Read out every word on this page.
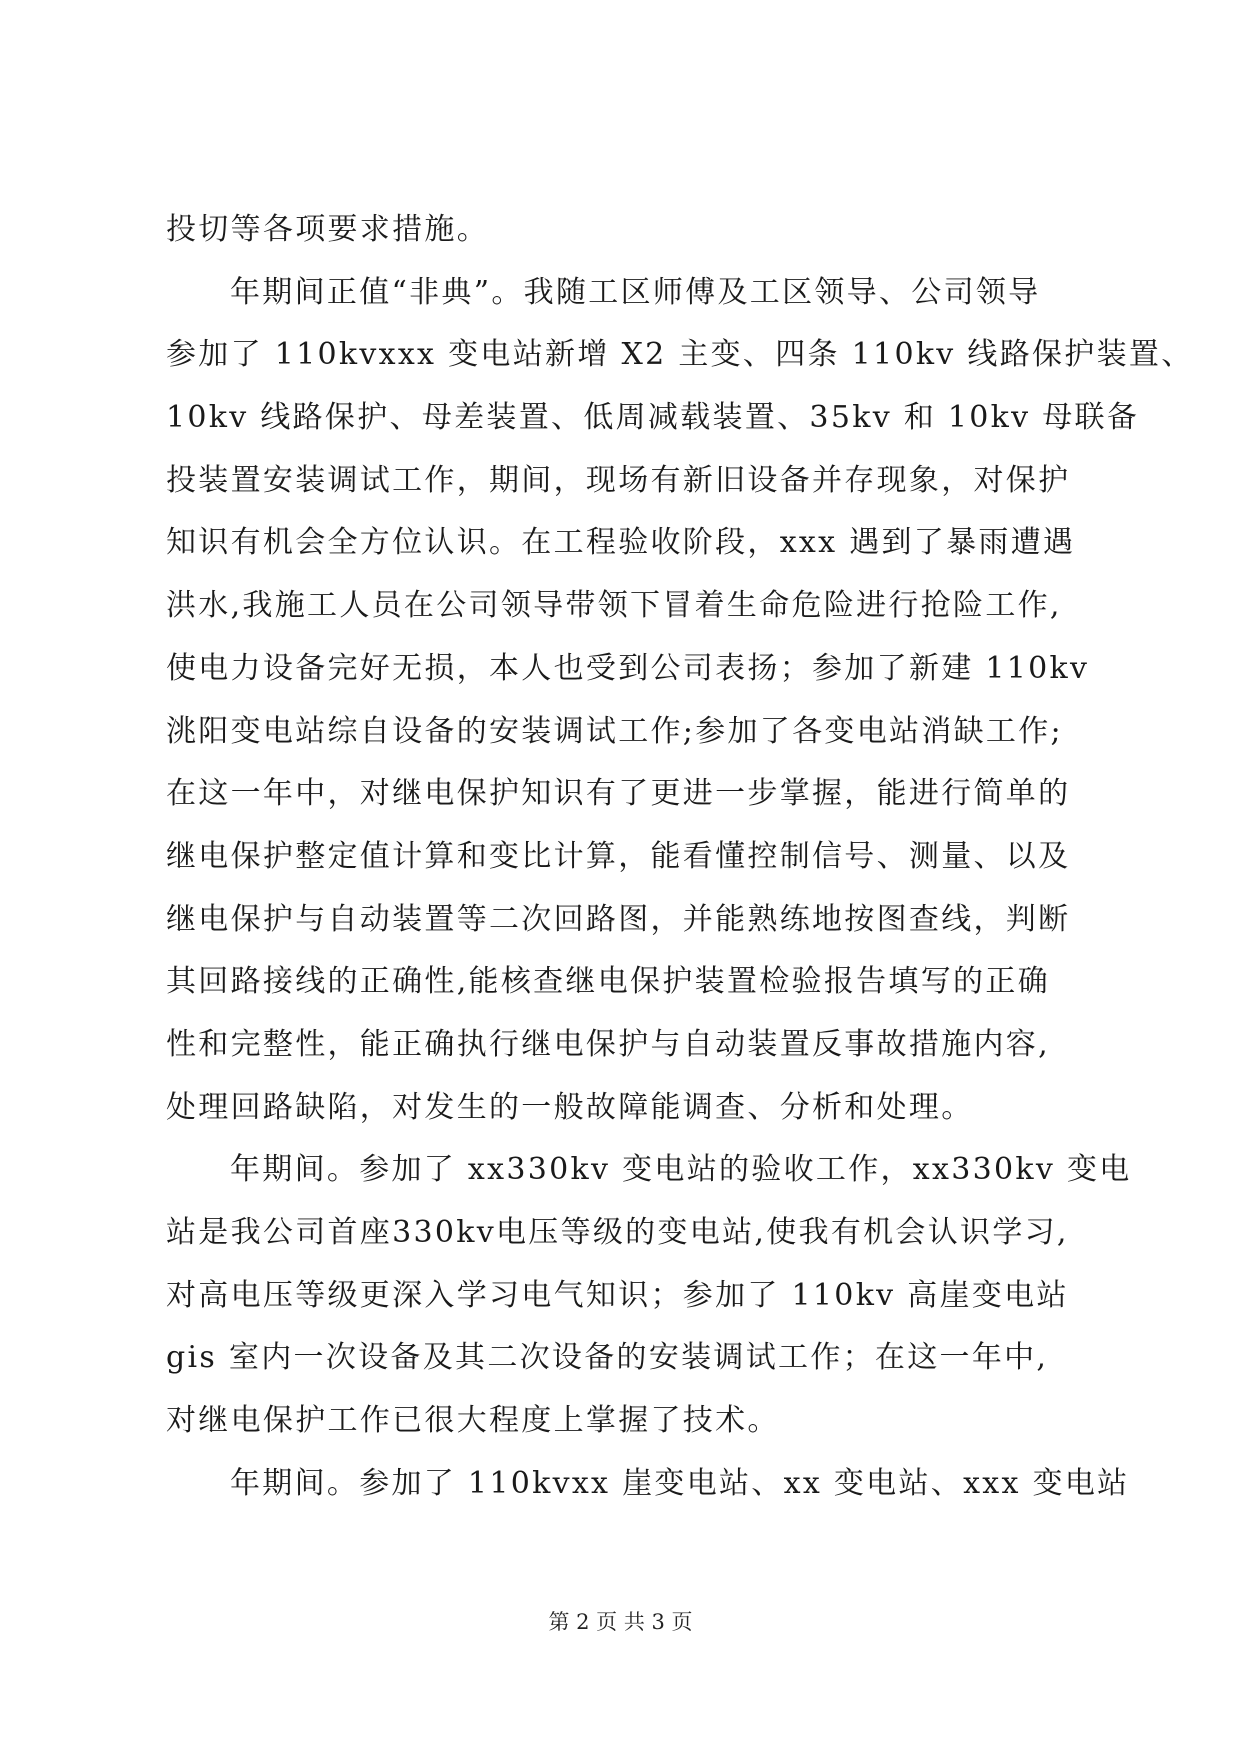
投切等各项要求措施。
年期间正值“非典”。我随工区师傅及工区领导、公司领导
参加了 110kvxxx 变电站新增 X2 主变、四条 110kv 线路保护装置、
10kv 线路保护、母差装置、低周减载装置、35kv 和 10kv 母联备
投装置安装调试工作，期间，现场有新旧设备并存现象，对保护
知识有机会全方位认识。在工程验收阶段，xxx 遇到了暴雨遭遇
洪水,我施工人员在公司领导带领下冒着生命危险进行抢险工作,
使电力设备完好无损，本人也受到公司表扬；参加了新建 110kv
洮阳变电站综自设备的安装调试工作;参加了各变电站消缺工作;
在这一年中，对继电保护知识有了更进一步掌握，能进行简单的
继电保护整定值计算和变比计算，能看懂控制信号、测量、以及
继电保护与自动装置等二次回路图，并能熟练地按图查线，判断
其回路接线的正确性,能核查继电保护装置检验报告填写的正确
性和完整性，能正确执行继电保护与自动装置反事故措施内容,
处理回路缺陷，对发生的一般故障能调查、分析和处理。
年期间。参加了 xx330kv 变电站的验收工作，xx330kv 变电
站是我公司首座330kv电压等级的变电站,使我有机会认识学习,
对高电压等级更深入学习电气知识；参加了 110kv 高崖变电站
gis 室内一次设备及其二次设备的安装调试工作；在这一年中,
对继电保护工作已很大程度上掌握了技术。
年期间。参加了 110kvxx 崖变电站、xx 变电站、xxx 变电站
第 2 页 共 3 页
